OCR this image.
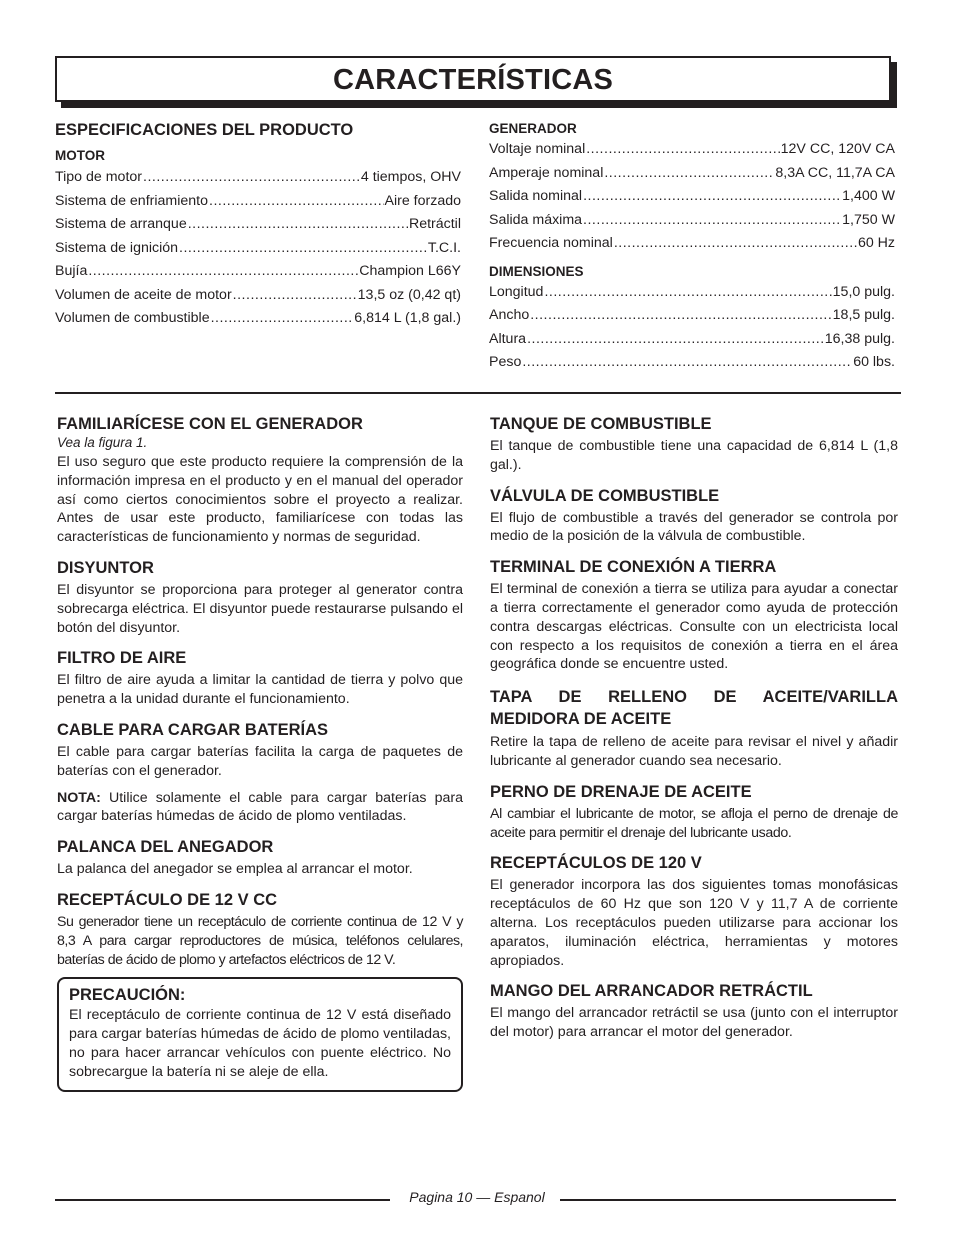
CARACTERÍSTICAS

ESPECIFICACIONES DEL PRODUCTO

MOTOR

Tipo de motor .....	4 tiempos, OHV
Sistema de enfriamiento .....	Aire forzado
Sistema de arranque .....	Retráctil
Sistema de ignición .....	T.C.I.
Bujía .....	Champion L66Y
Volumen de aceite de motor .....	13,5 oz (0,42 qt)
Volumen de combustible .....	6,814 L (1,8 gal.)

GENERADOR

Voltaje nominal .....	12V CC, 120V CA
Amperaje nominal .....	8,3A CC, 11,7A CA
Salida nominal .....	1,400 W
Salida máxima .....	1,750 W
Frecuencia nominal .....	60 Hz

DIMENSIONES

Longitud .....	15,0 pulg.
Ancho .....	18,5 pulg.
Altura .....	16,38 pulg.
Peso .....	60 lbs.

FAMILIARÍCESE CON EL GENERADOR

Vea la figura 1.

El uso seguro que este producto requiere la comprensión de la información impresa en el producto y en el manual del operador así como ciertos conocimientos sobre el proyecto a realizar. Antes de usar este producto, familiarícese con todas las características de funcionamiento y normas de seguridad.

DISYUNTOR

El disyuntor se proporciona para proteger al generator contra sobrecarga eléctrica. El disyuntor puede restaurarse pulsando el botón del disyuntor.

FILTRO DE AIRE

El filtro de aire ayuda a limitar la cantidad de tierra y polvo que penetra a la unidad durante el funcionamiento.

CABLE PARA CARGAR BATERÍAS

El cable para cargar baterías facilita la carga de paquetes de baterías con el generador.

NOTA: Utilice solamente el cable para cargar baterías para cargar baterías húmedas de ácido de plomo ventiladas.

PALANCA DEL ANEGADOR

La palanca del anegador se emplea al arrancar el motor.

RECEPTÁCULO DE 12 V CC

Su generador tiene un receptáculo de corriente continua de 12 V y 8,3 A para cargar reproductores de música, teléfonos celulares, baterías de ácido de plomo y artefactos eléctricos de 12 V.

PRECAUCIÓN:

El receptáculo de corriente continua de 12 V está diseñado para cargar baterías húmedas de ácido de plomo ventiladas, no para hacer arrancar vehículos con puente eléctrico. No sobrecargue la batería ni se aleje de ella.

TANQUE DE COMBUSTIBLE

El tanque de combustible tiene una capacidad de 6,814 L (1,8 gal.).

VÁLVULA DE COMBUSTIBLE

El flujo de combustible a través del generador se controla por medio de la posición de la válvula de combustible.

TERMINAL DE CONEXIÓN A TIERRA

El terminal de conexión a tierra se utiliza para ayudar a conectar a tierra correctamente el generador como ayuda de protección contra descargas eléctricas. Consulte con un electricista local con respecto a los requisitos de conexión a tierra en el área geográfica donde se encuentre usted.

TAPA DE RELLENO DE ACEITE/VARILLA MEDIDORA DE ACEITE

Retire la tapa de relleno de aceite para revisar el nivel y añadir lubricante al generador cuando sea necesario.

PERNO DE DRENAJE DE ACEITE

Al cambiar el lubricante de motor, se afloja el perno de drenaje de aceite para permitir el drenaje del lubricante usado.

RECEPTÁCULOS DE 120 V

El generador incorpora las dos siguientes tomas monofásicas receptáculos de 60 Hz que son 120 V y 11,7 A de corriente alterna. Los receptáculos pueden utilizarse para accionar los aparatos, iluminación eléctrica, herramientas y motores apropiados.

MANGO DEL ARRANCADOR RETRÁCTIL

El mango del arrancador retráctil se usa (junto con el interruptor del motor) para arrancar el motor del generador.

Pagina 10 — Espanol
